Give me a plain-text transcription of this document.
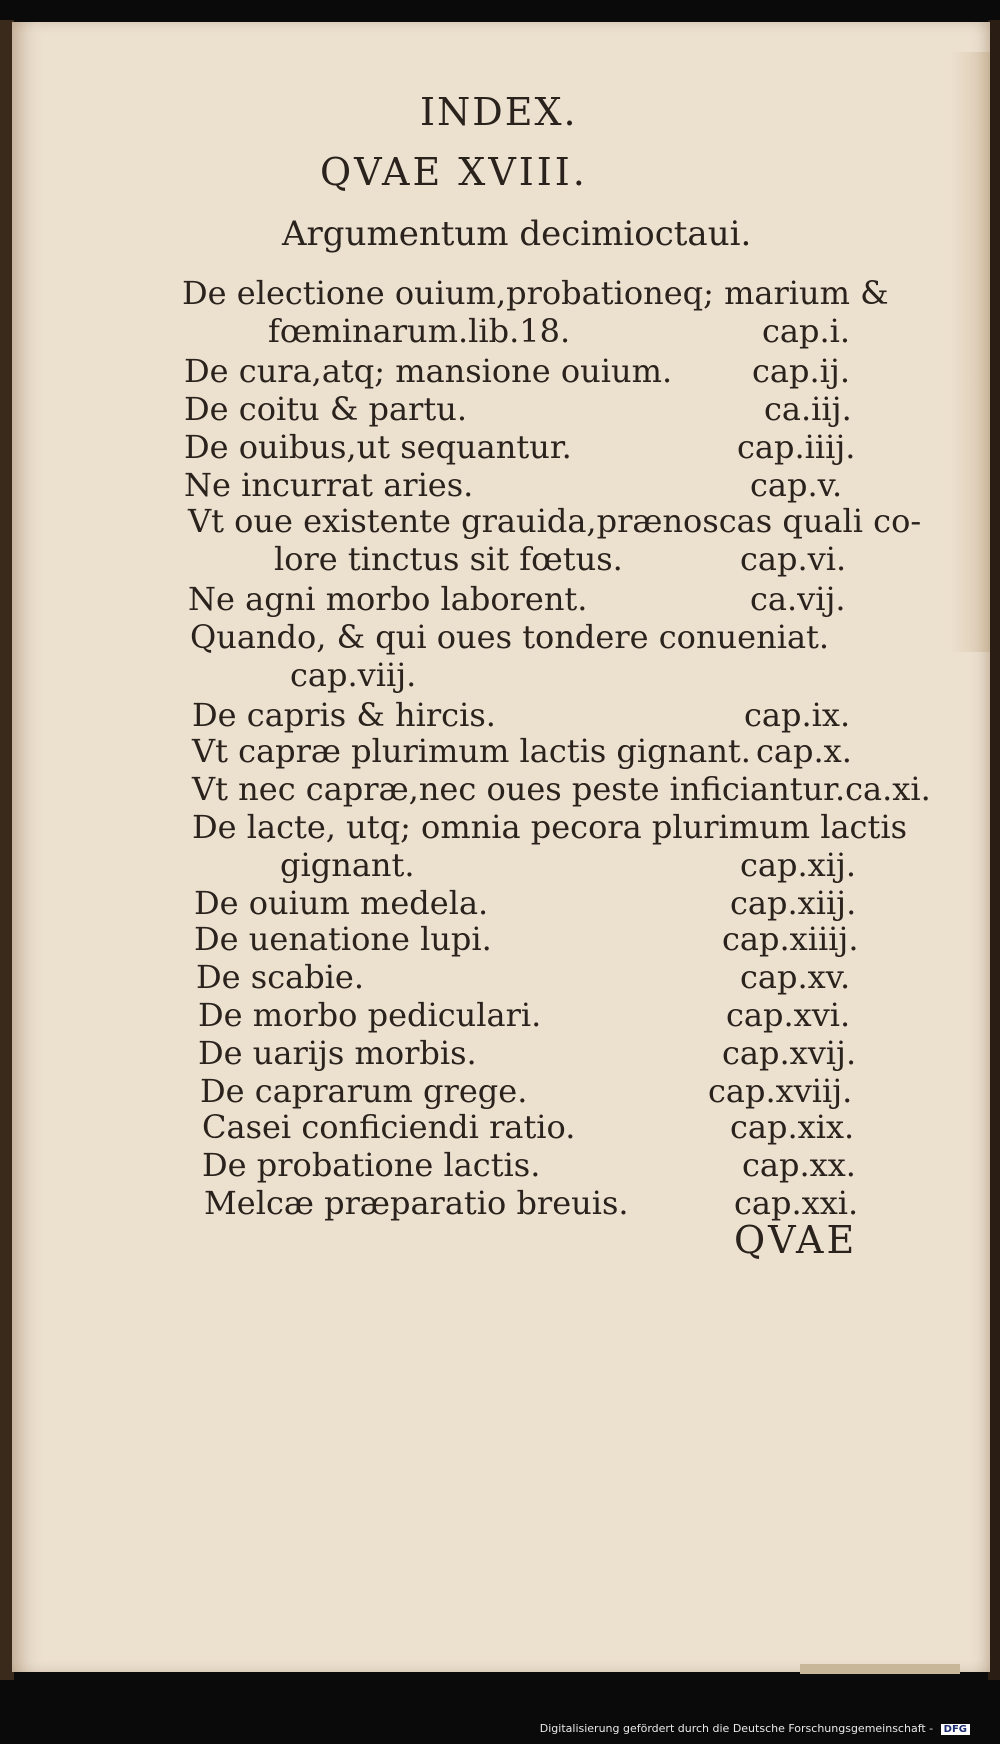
INDEX.
QVAE XVIII.
Argumentum decimioctaui.
De electione ouium,probationeq; marium &
fœminarum.lib.18.	cap.i.
De cura,atq; mansione ouium. cap.ij.
De coitu & partu.	ca.iij.
De ouibus,ut sequantur.	cap.iiij.
Ne incurrat aries.	cap.v.
Vt oue existente grauida,prænoscas quali co-
lore tinctus sit fœtus.	cap.vi.
Ne agni morbo laborent.	ca.vij.
Quando, & qui oues tondere conueniat.
cap.viij.
De capris & hircis.	cap.ix.
Vt capræ plurimum lactis gignant. cap.x.
Vt nec capræ,nec oues peste inficiantur.ca.xi.
De lacte, utq; omnia pecora plurimum lactis
gignant.	cap.xij.
De ouium medela.	cap.xiij.
De uenatione lupi.	cap.xiiij.
De scabie.	cap.xv.
De morbo pediculari.	cap.xvi.
De uarijs morbis.	cap.xvij.
De caprarum grege.	cap.xviij.
Casei conficiendi ratio.	cap.xix.
De probatione lactis.	cap.xx.
Melcæ præparatio breuis.	cap.xxi.
QVAE
Digitalisierung gefördert durch die Deutsche Forschungsgemeinschaft - DFG
